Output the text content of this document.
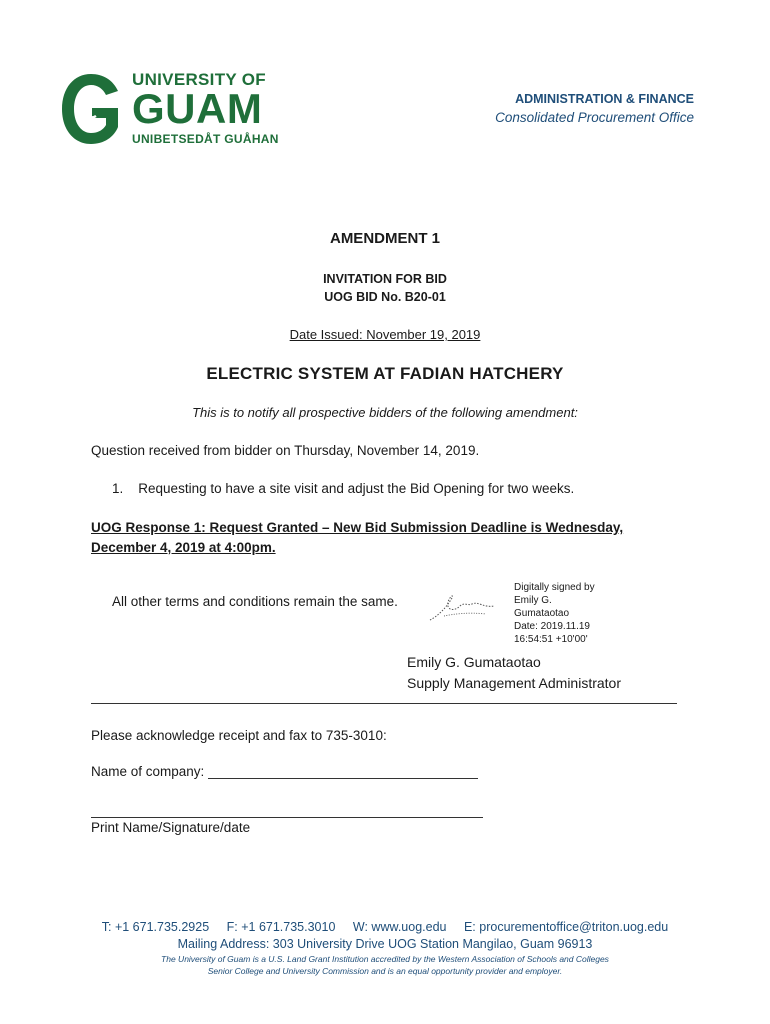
UNIVERSITY OF
GUAM
UNIBETSEDÅT GUÅHAN
ADMINISTRATION & FINANCE
Consolidated Procurement Office
AMENDMENT 1
INVITATION FOR BID
UOG BID No. B20-01
Date Issued: November 19, 2019
ELECTRIC SYSTEM AT FADIAN HATCHERY
This is to notify all prospective bidders of the following amendment:
Question received from bidder on Thursday, November 14, 2019.
1. Requesting to have a site visit and adjust the Bid Opening for two weeks.
UOG Response 1: Request Granted – New Bid Submission Deadline is Wednesday, December 4, 2019 at 4:00pm.
All other terms and conditions remain the same.
Digitally signed by
Emily G.
Gumataotao
Date: 2019.11.19
16:54:51 +10'00'
Emily G. Gumataotao
Supply Management Administrator
Please acknowledge receipt and fax to 735-3010:
Name of company:
Print Name/Signature/date
T: +1 671.735.2925 F: +1 671.735.3010 W: www.uog.edu E: procurementoffice@triton.uog.edu
Mailing Address: 303 University Drive UOG Station Mangilao, Guam 96913
The University of Guam is a U.S. Land Grant Institution accredited by the Western Association of Schools and Colleges
Senior College and University Commission and is an equal opportunity provider and employer.
